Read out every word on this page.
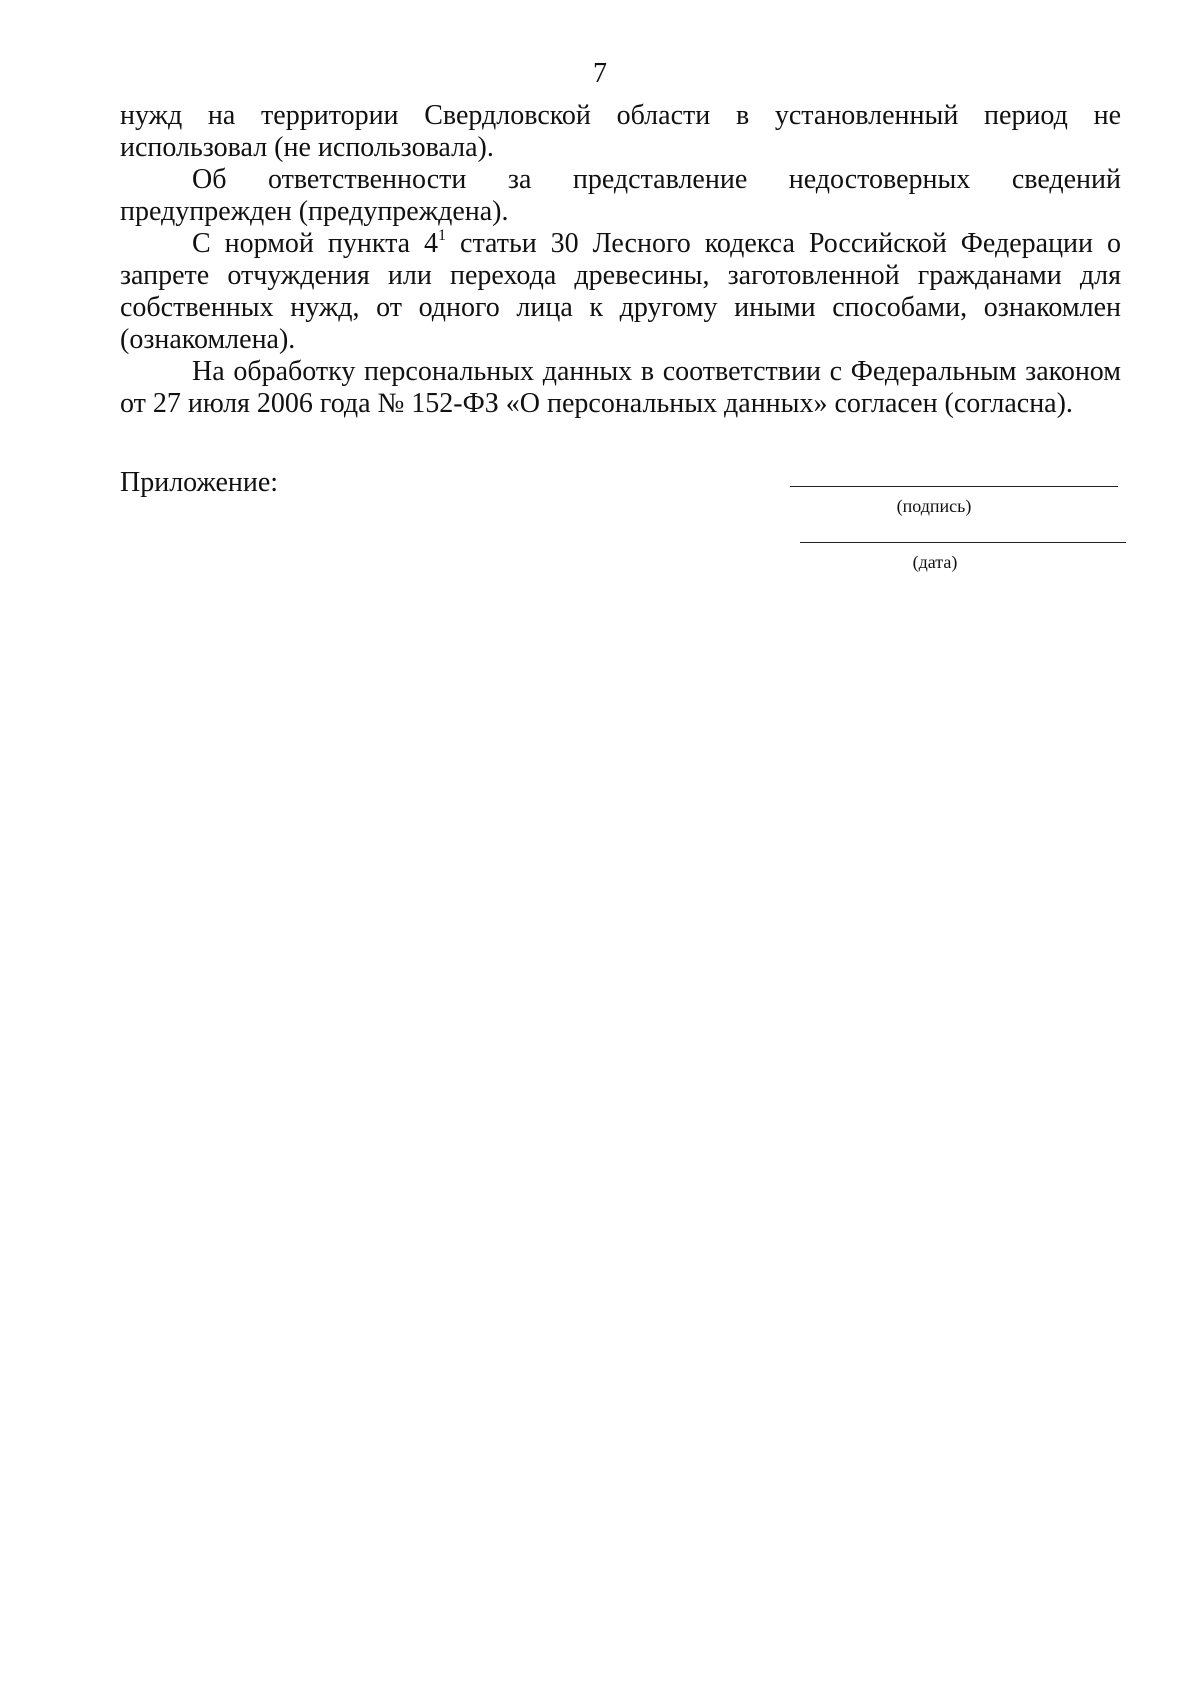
7

нужд на территории Свердловской области в установленный период не использовал (не использовала).

Об ответственности за представление недостоверных сведений предупрежден (предупреждена).

С нормой пункта $4^1$ статьи 30 Лесного кодекса Российской Федерации о запрете отчуждения или перехода древесины, заготовленной гражданами для собственных нужд, от одного лица к другому иными способами, ознакомлен (ознакомлена).

На обработку персональных данных в соответствии с Федеральным законом от 27 июля 2006 года № 152-ФЗ «О персональных данных» согласен (согласна).

Приложение:
(подпись)
(дата)
